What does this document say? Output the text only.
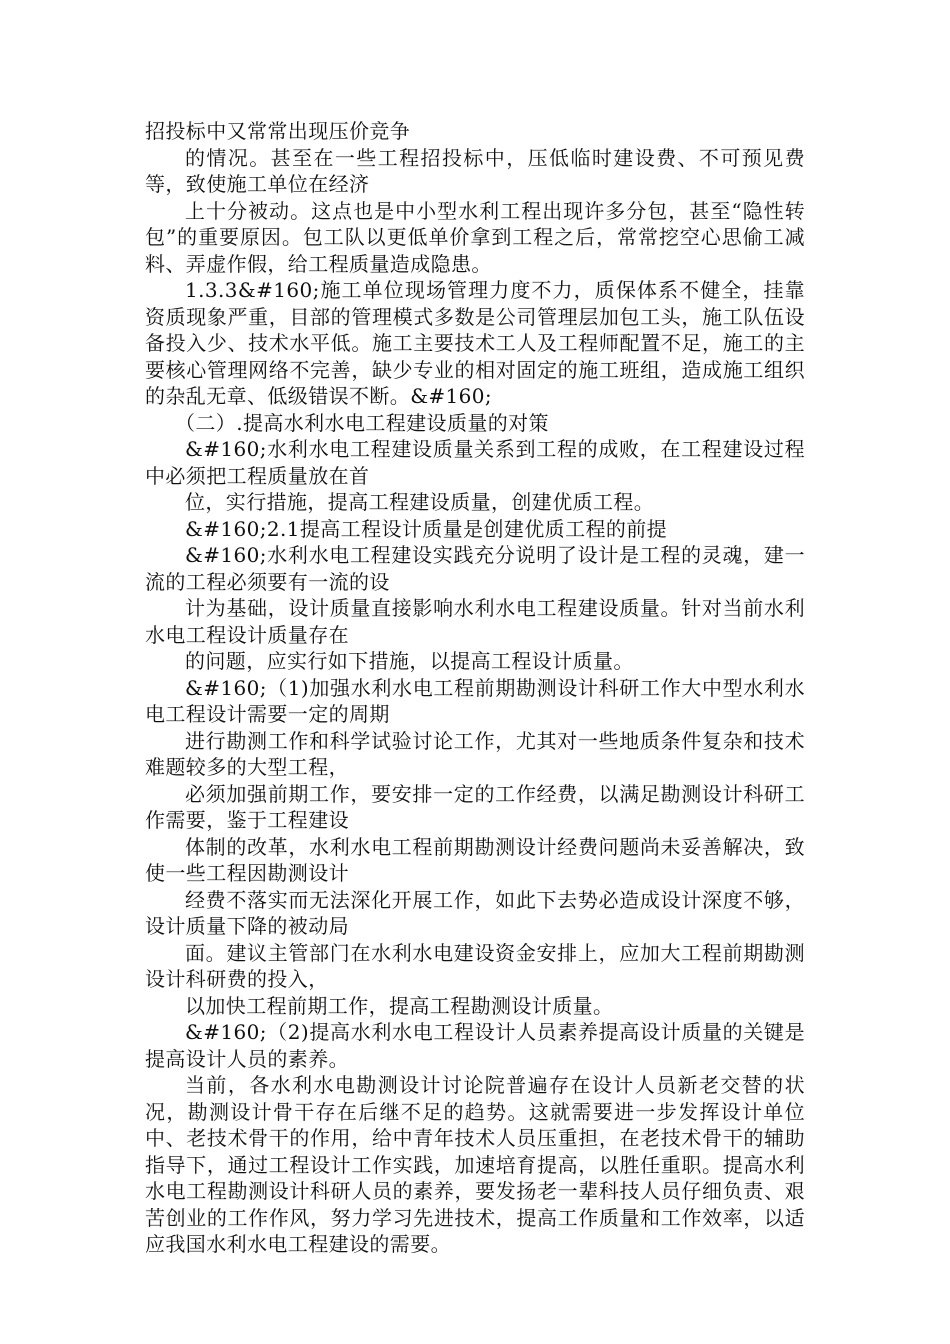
招投标中又常常出现压价竞争

的情况。甚至在一些工程招投标中，压低临时建设费、不可预见费等，致使施工单位在经济

上十分被动。这点也是中小型水利工程出现许多分包，甚至“隐性转包”的重要原因。包工队以更低单价拿到工程之后，常常挖空心思偷工减料、弄虚作假，给工程质量造成隐患。

1.3.3&#160;施工单位现场管理力度不力，质保体系不健全，挂靠资质现象严重，目部的管理模式多数是公司管理层加包工头，施工队伍设备投入少、技术水平低。施工主要技术工人及工程师配置不足，施工的主要核心管理网络不完善，缺少专业的相对固定的施工班组，造成施工组织的杂乱无章、低级错误不断。&#160;

（二）.提高水利水电工程建设质量的对策

&#160;水利水电工程建设质量关系到工程的成败，在工程建设过程中必须把工程质量放在首

位，实行措施，提高工程建设质量，创建优质工程。

&#160;2.1提高工程设计质量是创建优质工程的前提

&#160;水利水电工程建设实践充分说明了设计是工程的灵魂，建一流的工程必须要有一流的设

计为基础，设计质量直接影响水利水电工程建设质量。针对当前水利水电工程设计质量存在

的问题，应实行如下措施，以提高工程设计质量。

&#160;（1)加强水利水电工程前期勘测设计科研工作大中型水利水电工程设计需要一定的周期

进行勘测工作和科学试验讨论工作，尤其对一些地质条件复杂和技术难题较多的大型工程，

必须加强前期工作，要安排一定的工作经费，以满足勘测设计科研工作需要，鉴于工程建设

体制的改革，水利水电工程前期勘测设计经费问题尚未妥善解决，致使一些工程因勘测设计

经费不落实而无法深化开展工作，如此下去势必造成设计深度不够，设计质量下降的被动局

面。建议主管部门在水利水电建设资金安排上，应加大工程前期勘测设计科研费的投入，

以加快工程前期工作，提高工程勘测设计质量。

&#160;（2)提高水利水电工程设计人员素养提高设计质量的关键是提高设计人员的素养。

当前，各水利水电勘测设计讨论院普遍存在设计人员新老交替的状况，勘测设计骨干存在后继不足的趋势。这就需要进一步发挥设计单位中、老技术骨干的作用，给中青年技术人员压重担，在老技术骨干的辅助指导下，通过工程设计工作实践，加速培育提高，以胜任重职。提高水利水电工程勘测设计科研人员的素养，要发扬老一辈科技人员仔细负责、艰苦创业的工作作风，努力学习先进技术，提高工作质量和工作效率，以适应我国水利水电工程建设的需要。
